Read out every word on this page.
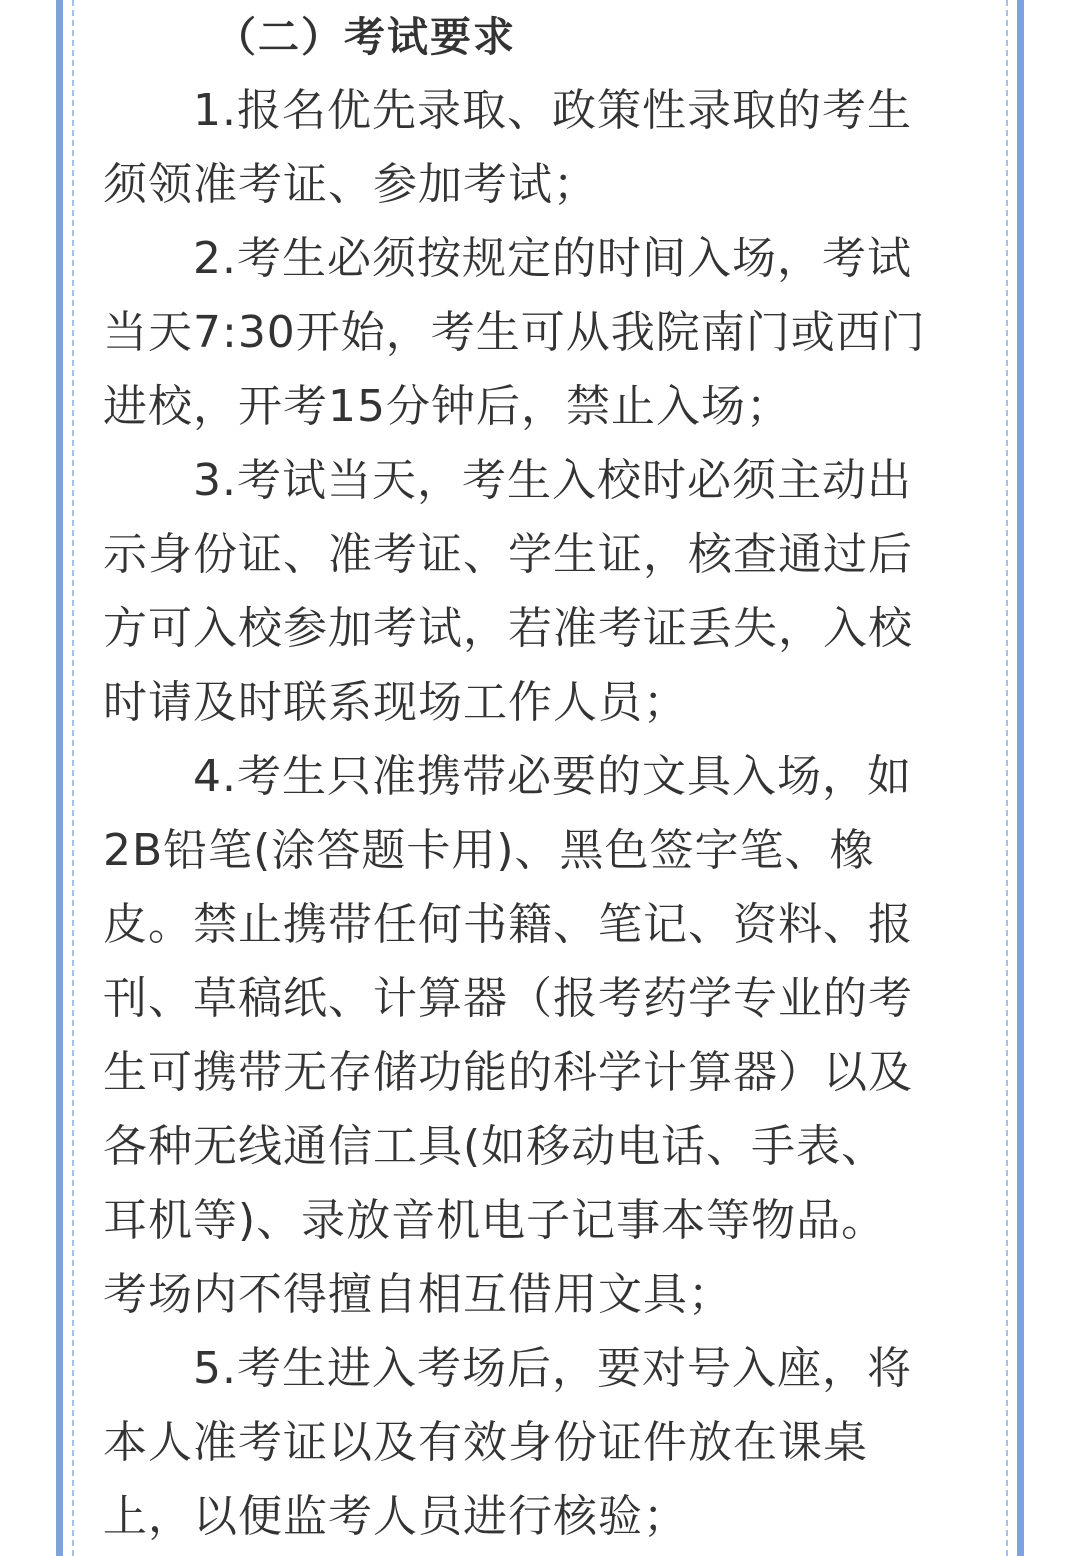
（二）考试要求
1.报名优先录取、政策性录取的考生
须领准考证、参加考试；
2.考生必须按规定的时间入场，考试
当天7:30开始，考生可从我院南门或西门
进校，开考15分钟后，禁止入场；
3.考试当天，考生入校时必须主动出
示身份证、准考证、学生证，核查通过后
方可入校参加考试，若准考证丢失，入校
时请及时联系现场工作人员；
4.考生只准携带必要的文具入场，如
2B铅笔(涂答题卡用)、黑色签字笔、橡
皮。禁止携带任何书籍、笔记、资料、报
刊、草稿纸、计算器（报考药学专业的考
生可携带无存储功能的科学计算器）以及
各种无线通信工具(如移动电话、手表、
耳机等)、录放音机电子记事本等物品。
考场内不得擅自相互借用文具；
5.考生进入考场后，要对号入座，将
本人准考证以及有效身份证件放在课桌
上，以便监考人员进行核验；
